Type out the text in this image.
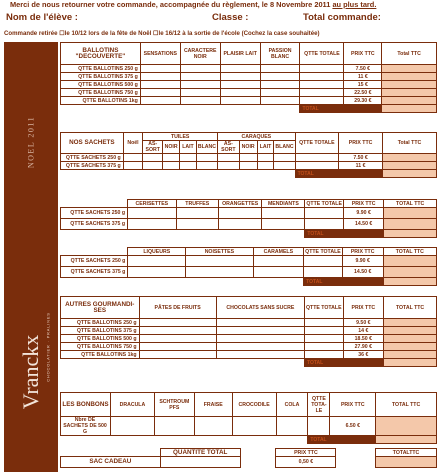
Merci de nous retourner votre commande, accompagnée du règlement, le 8 Novembre 2011 au plus tard.
Nom de l'élève :	Classe :	Total commande:
Commande retirée ☐le 10/12 lors de la fête de Noël ☐le 16/12 à la sortie de l'école (Cochez la case souhaitée)
NOEL 2011
CHOCOLATIER · PRALINES
Vranckx
BALLOTINS "DECOUVERTE"	SENSATIONS	CARACTERE NOIR	PLAISIR LAIT	PASSION BLANC	QTTE TOTALE	PRIX TTC	Total TTC
QTTE BALLOTINS 250 g						7.50 €	
QTTE BALLOTINS 375 g						11 €	
QTTE BALLOTINS 500 g						15 €	
QTTE BALLOTINS 750 g						22.50 €	
QTTE BALLOTINS 1kg						29.30 €	
					TOTAL		
NOS SACHETS	Noël	TUILES				CARAQUES				QTTE TOTALE	PRIX TTC	Total TTC
		AS-SORT	NOIR	LAIT	BLANC	AS-SORT	NOIR	LAIT	BLANC			
QTTE SACHETS 250 g											7.50 €	
QTTE SACHETS 375 g											11 €	
										TOTAL		
	CERISETTES	TRUFFES	ORANGETTES	MENDIANTS	QTTE TOTALE	PRIX TTC	TOTAL TTC
QTTE SACHETS 250 g						9.90 €	
QTTE SACHETS 375 g						14.50 €	
					TOTAL		
	LIQUEURS	NOISETTES	CARAMELS	QTTE TOTALE	PRIX TTC	TOTAL TTC
QTTE SACHETS 250 g					9.90 €	
QTTE SACHETS 375 g					14.50 €	
				TOTAL		
AUTRES GOURMANDI-SES	PÂTES DE FRUITS	CHOCOLATS SANS SUCRE	QTTE TOTALE	PRIX TTC	TOTAL TTC
QTTE BALLOTINS 250 g				9.50 €	
QTTE BALLOTINS 375 g				14 €	
QTTE BALLOTINS 500 g				18.50 €	
QTTE BALLOTINS 750 g				27.90 €	
QTTE BALLOTINS 1kg				36 €	
			TOTAL		
LES BONBONS	DRACULA	SCHTROUM PFS	FRAISE	CROCODILE	COLA	QTTE TOTA-LE	PRIX TTC	TOTAL TTC
Nbre DE SACHETS DE 500 G							6.50 €	
						TOTAL		
	QUANTITE TOTAL		PRIX TTC		TOTALTTC
SAC CADEAU			0,50 €		
